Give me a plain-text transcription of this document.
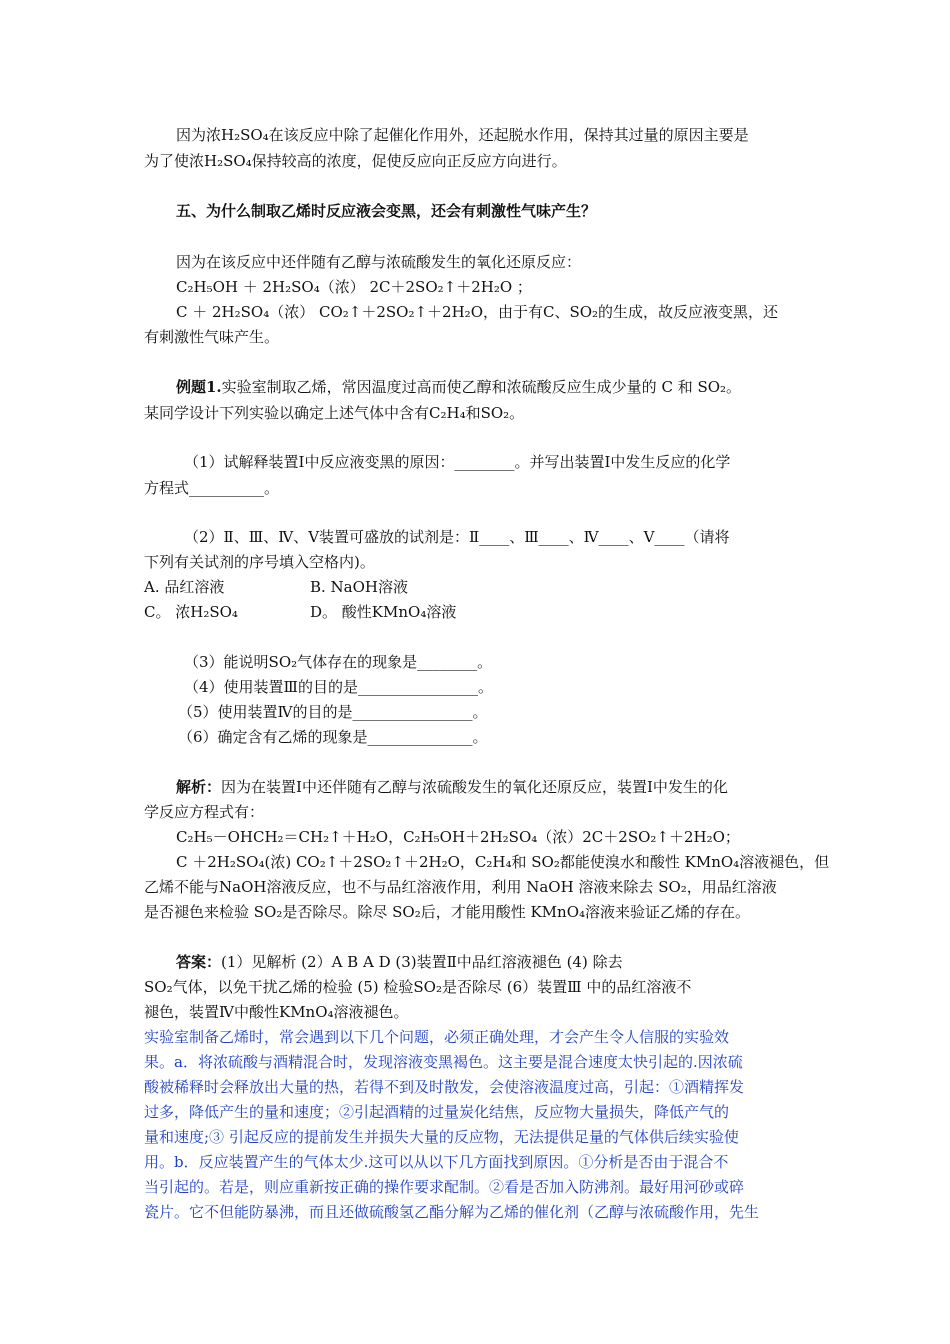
因为浓H₂SO₄在该反应中除了起催化作用外，还起脱水作用，保持其过量的原因主要是
为了使浓H₂SO₄保持较高的浓度，促使反应向正反应方向进行。
五、为什么制取乙烯时反应液会变黑，还会有刺激性气味产生？
因为在该反应中还伴随有乙醇与浓硫酸发生的氧化还原反应：
C₂H₅OH ＋ 2H₂SO₄（浓） 2C＋2SO₂↑＋2H₂O ；
C ＋ 2H₂SO₄（浓） CO₂↑＋2SO₂↑＋2H₂O，由于有C、SO₂的生成，故反应液变黑，还
有刺激性气味产生。
例题1.实验室制取乙烯，常因温度过高而使乙醇和浓硫酸反应生成少量的 C 和 SO₂。
某同学设计下列实验以确定上述气体中含有C₂H₄和SO₂。
（1）试解释装置Ⅰ中反应液变黑的原因：________。并写出装置Ⅰ中发生反应的化学
方程式__________。
（2）Ⅱ、Ⅲ、Ⅳ、Ⅴ装置可盛放的试剂是：Ⅱ____、Ⅲ____、Ⅳ____、Ⅴ____（请将
下列有关试剂的序号填入空格内)。
A. 品红溶液	B. NaOH溶液
C。 浓H₂SO₄	D。 酸性KMnO₄溶液
（3）能说明SO₂气体存在的现象是________。
（4）使用装置Ⅲ的目的是________________。
（5）使用装置Ⅳ的目的是________________。
（6）确定含有乙烯的现象是______________。
解析：因为在装置Ⅰ中还伴随有乙醇与浓硫酸发生的氧化还原反应，装置Ⅰ中发生的化
学反应方程式有：
C₂H₅－OHCH₂＝CH₂↑＋H₂O，C₂H₅OH＋2H₂SO₄（浓）2C＋2SO₂↑＋2H₂O；
C ＋2H₂SO₄(浓) CO₂↑＋2SO₂↑＋2H₂O，C₂H₄和 SO₂都能使溴水和酸性 KMnO₄溶液褪色，但
乙烯不能与NaOH溶液反应，也不与品红溶液作用，利用 NaOH 溶液来除去 SO₂，用品红溶液
是否褪色来检验 SO₂是否除尽。除尽 SO₂后，才能用酸性 KMnO₄溶液来验证乙烯的存在。
答案：(1）见解析 (2）A B A D (3)装置Ⅱ中品红溶液褪色 (4) 除去
SO₂气体，以免干扰乙烯的检验 (5) 检验SO₂是否除尽 (6）装置Ⅲ 中的品红溶液不
褪色，装置Ⅳ中酸性KMnO₄溶液褪色。
实验室制备乙烯时，常会遇到以下几个问题，必须正确处理，才会产生令人信服的实验效
果。a．将浓硫酸与酒精混合时，发现溶液变黑褐色。这主要是混合速度太快引起的.因浓硫
酸被稀释时会释放出大量的热，若得不到及时散发，会使溶液温度过高，引起：①酒精挥发
过多，降低产生的量和速度；②引起酒精的过量炭化结焦，反应物大量损失，降低产气的
量和速度;③ 引起反应的提前发生并损失大量的反应物，无法提供足量的气体供后续实验使
用。b．反应装置产生的气体太少.这可以从以下几方面找到原因。①分析是否由于混合不
当引起的。若是，则应重新按正确的操作要求配制。②看是否加入防沸剂。最好用河砂或碎
瓷片。它不但能防暴沸，而且还做硫酸氢乙酯分解为乙烯的催化剂（乙醇与浓硫酸作用，先生
